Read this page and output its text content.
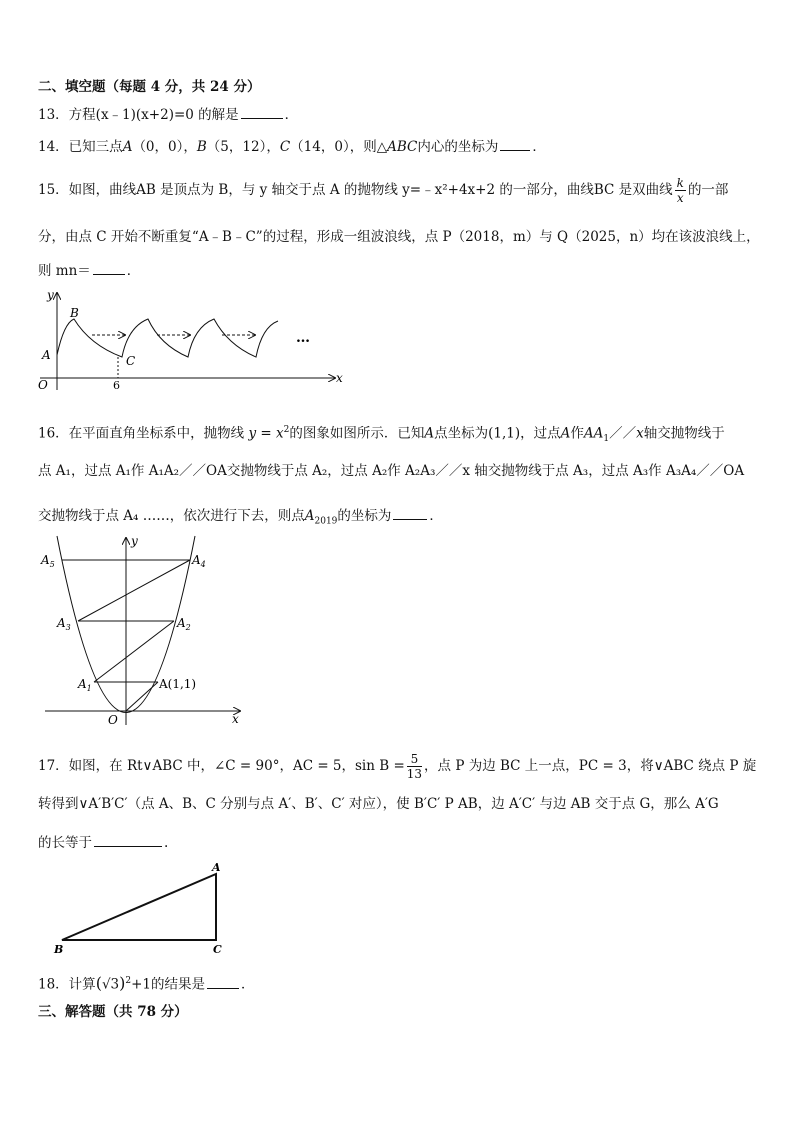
二、填空题（每题 4 分，共 24 分）
13．方程(x﹣1)(x+2)=0 的解是	．
14．已知三点A（0，0），B（5，12），C（14，0），则△ABC内心的坐标为	．
15．如图，曲线AB 是顶点为 B，与 y 轴交于点 A 的抛物线 y=﹣x²+4x+2 的一部分，曲线BC 是双曲线 $\frac{k}{x}$ 的一部
分，由点 C 开始不断重复“A﹣B﹣C”的过程，形成一组波浪线，点 P（2018，m）与 Q（2025，n）均在该波浪线上，
则 mn＝	．
y
x
O
A
B
C
6
…
16．在平面直角坐标系中，抛物线 $y = x^2$的图象如图所示．已知A点坐标为(1,1)，过点A作$AA_1//x$轴交抛物线于
点 A₁，过点 A₁作 A₁A₂／／OA交抛物线于点 A₂，过点 A₂作 A₂A₃／／x 轴交抛物线于点 A₃，过点 A₃作 A₃A₄／／OA
交抛物线于点 A₄ ……，依次进行下去，则点$A_{2019}$的坐标为	．
y
x
O
$A_5$	$A_4$
$A_3$	$A_2$
$A_1$	A(1,1)
17．如图，在 Rt∨ABC 中，∠C = 90°，AC = 5，$\sin B = \frac{5}{13}$ ，点 P 为边 BC 上一点，PC = 3，将∨ABC 绕点 P 旋
转得到∨A′B′C′（点 A、B、C 分别与点 A′、B′、C′ 对应），使 B′C′ P AB，边 A′C′ 与边 AB 交于点 G，那么 A′G
的长等于	.
A
B	C
18．计算$(√3)^2+1$的结果是	．
三、解答题（共 78 分）
